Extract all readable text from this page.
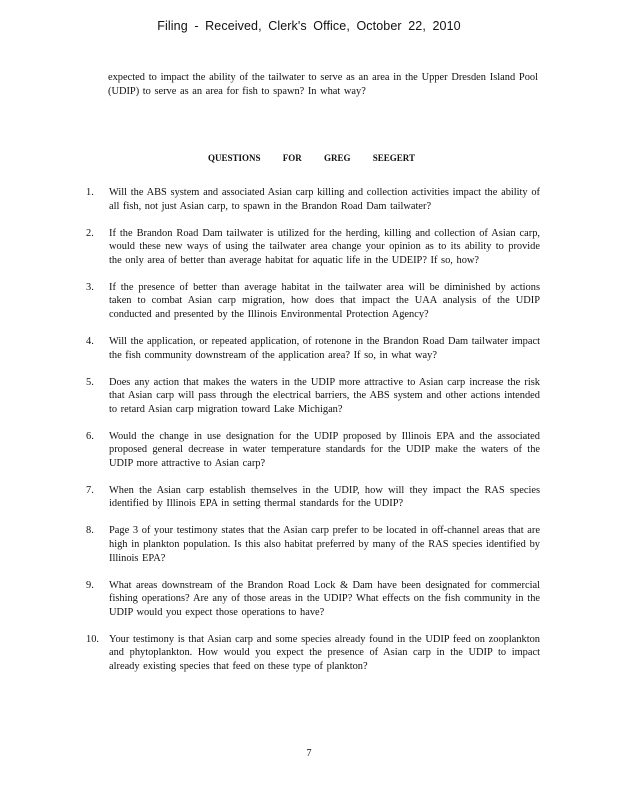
Filing - Received, Clerk's Office, October 22, 2010
expected to impact the ability of the tailwater to serve as an area in the Upper Dresden Island Pool (UDIP) to serve as an area for fish to spawn? In what way?
QUESTIONS FOR GREG SEEGERT
1.	Will the ABS system and associated Asian carp killing and collection activities impact the ability of all fish, not just Asian carp, to spawn in the Brandon Road Dam tailwater?
2.	If the Brandon Road Dam tailwater is utilized for the herding, killing and collection of Asian carp, would these new ways of using the tailwater area change your opinion as to its ability to provide the only area of better than average habitat for aquatic life in the UDEIP? If so, how?
3.	If the presence of better than average habitat in the tailwater area will be diminished by actions taken to combat Asian carp migration, how does that impact the UAA analysis of the UDIP conducted and presented by the Illinois Environmental Protection Agency?
4.	Will the application, or repeated application, of rotenone in the Brandon Road Dam tailwater impact the fish community downstream of the application area? If so, in what way?
5.	Does any action that makes the waters in the UDIP more attractive to Asian carp increase the risk that Asian carp will pass through the electrical barriers, the ABS system and other actions intended to retard Asian carp migration toward Lake Michigan?
6.	Would the change in use designation for the UDIP proposed by Illinois EPA and the associated proposed general decrease in water temperature standards for the UDIP make the waters of the UDIP more attractive to Asian carp?
7.	When the Asian carp establish themselves in the UDIP, how will they impact the RAS species identified by Illinois EPA in setting thermal standards for the UDIP?
8.	Page 3 of your testimony states that the Asian carp prefer to be located in off-channel areas that are high in plankton population. Is this also habitat preferred by many of the RAS species identified by Illinois EPA?
9.	What areas downstream of the Brandon Road Lock & Dam have been designated for commercial fishing operations? Are any of those areas in the UDIP? What effects on the fish community in the UDIP would you expect those operations to have?
10. Your testimony is that Asian carp and some species already found in the UDIP feed on zooplankton and phytoplankton. How would you expect the presence of Asian carp in the UDIP to impact already existing species that feed on these type of plankton?
7
